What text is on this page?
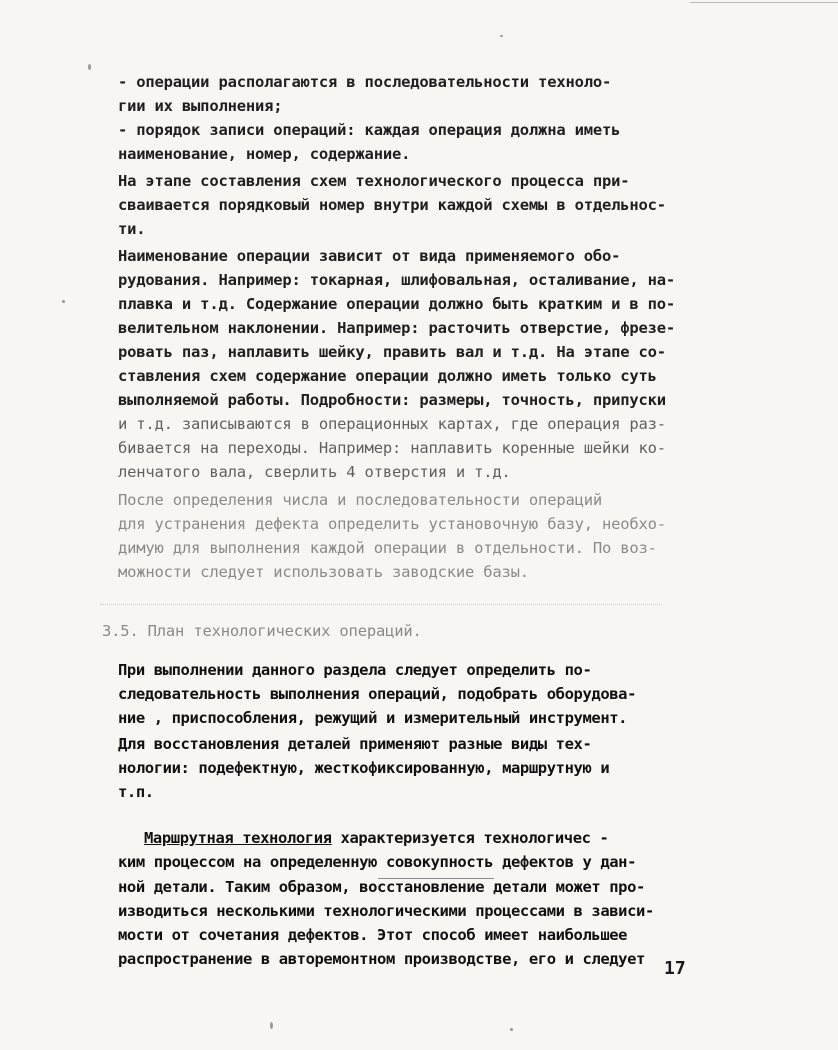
- операции располагаются в последовательности техноло-
гии их выполнения;
- порядок записи операций: каждая операция должна иметь
наименование, номер, содержание.
На этапе составления схем технологического процесса при-
сваивается порядковый номер внутри каждой схемы в отдельнос-
ти.
Наименование операции зависит от вида применяемого обо-
рудования. Например: токарная, шлифовальная, осталивание, на-
плавка и т.д. Содержание операции должно быть кратким и в по-
велительном наклонении. Например: расточить отверстие, фрезе-
ровать паз, наплавить шейку, править вал и т.д. На этапе со-
ставления схем содержание операции должно иметь только суть
выполняемой работы. Подробности: размеры, точность, припуски
и т.д. записываются в операционных картах, где операция раз-
бивается на переходы. Например: наплавить коренные шейки ко-
ленчатого вала, сверлить 4 отверстия и т.д.
После определения числа и последовательности операций
для устранения дефекта определить установочную базу, необхо-
димую для выполнения каждой операции в отдельности. По воз-
можности следует использовать заводские базы.
3.5. План технологических операций.
При выполнении данного раздела следует определить по-
следовательность выполнения операций, подобрать оборудова-
ние , приспособления, режущий и измерительный инструмент.
Для восстановления деталей применяют разные виды тех-
нологии: подефектную, жесткофиксированную, маршрутную и
т.п.
Маршрутная технология характеризуется технологичес -
ким процессом на определенную совокупность дефектов у дан-
ной детали. Таким образом, восстановление детали может про-
изводиться несколькими технологическими процессами в зависи-
мости от сочетания дефектов. Этот способ имеет наибольшее
распространение в авторемонтном производстве, его и следует 17
